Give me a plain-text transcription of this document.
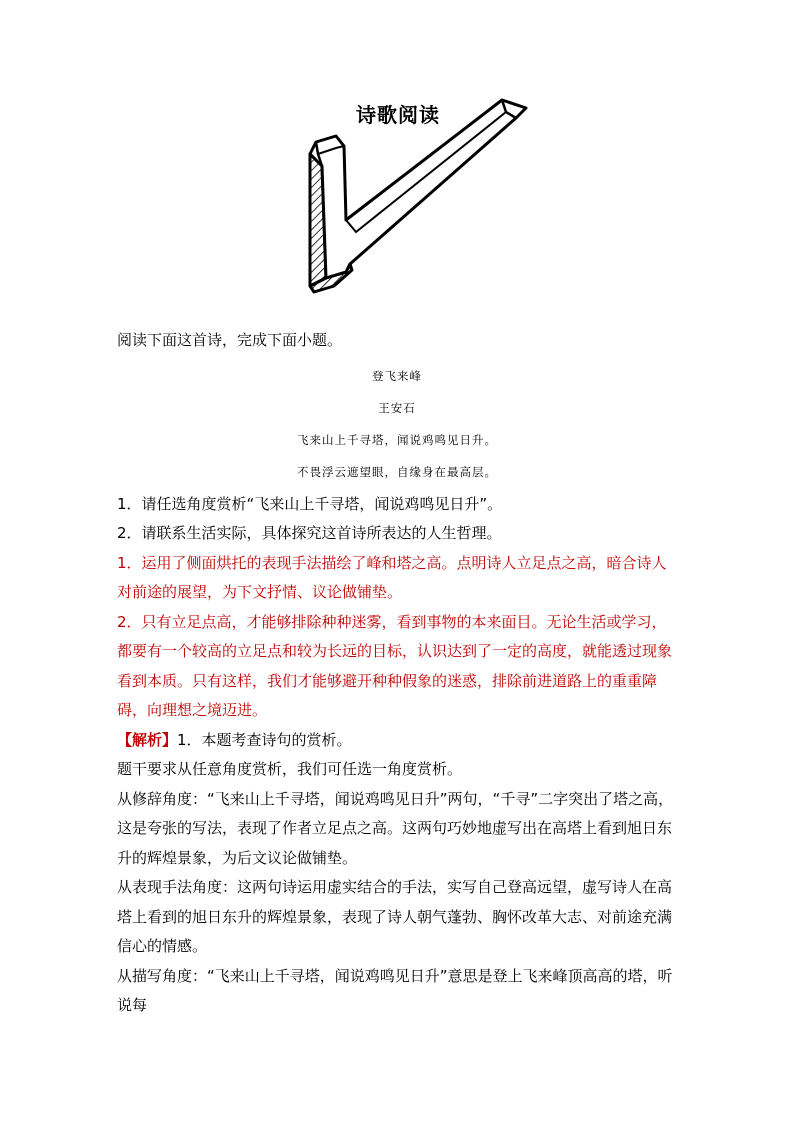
诗歌阅读

阅读下面这首诗，完成下面小题。

登飞来峰

王安石

飞来山上千寻塔，闻说鸡鸣见日升。

不畏浮云遮望眼，自缘身在最高层。

1．请任选角度赏析“飞来山上千寻塔，闻说鸡鸣见日升”。

2．请联系生活实际，具体探究这首诗所表达的人生哲理。

1．运用了侧面烘托的表现手法描绘了峰和塔之高。点明诗人立足点之高，暗合诗人对前途的展望，为下文抒情、议论做铺垫。

2．只有立足点高，才能够排除种种迷雾，看到事物的本来面目。无论生活或学习，都要有一个较高的立足点和较为长远的目标，认识达到了一定的高度，就能透过现象看到本质。只有这样，我们才能够避开种种假象的迷惑，排除前进道路上的重重障碍，向理想之境迈进。

【解析】1．本题考查诗句的赏析。

题干要求从任意角度赏析，我们可任选一角度赏析。

从修辞角度：“飞来山上千寻塔，闻说鸡鸣见日升”两句，“千寻”二字突出了塔之高，这是夸张的写法，表现了作者立足点之高。这两句巧妙地虚写出在高塔上看到旭日东升的辉煌景象，为后文议论做铺垫。

从表现手法角度：这两句诗运用虚实结合的手法，实写自己登高远望，虚写诗人在高塔上看到的旭日东升的辉煌景象，表现了诗人朝气蓬勃、胸怀改革大志、对前途充满信心的情感。

从描写角度：“飞来山上千寻塔，闻说鸡鸣见日升”意思是登上飞来峰顶高高的塔，听说每
